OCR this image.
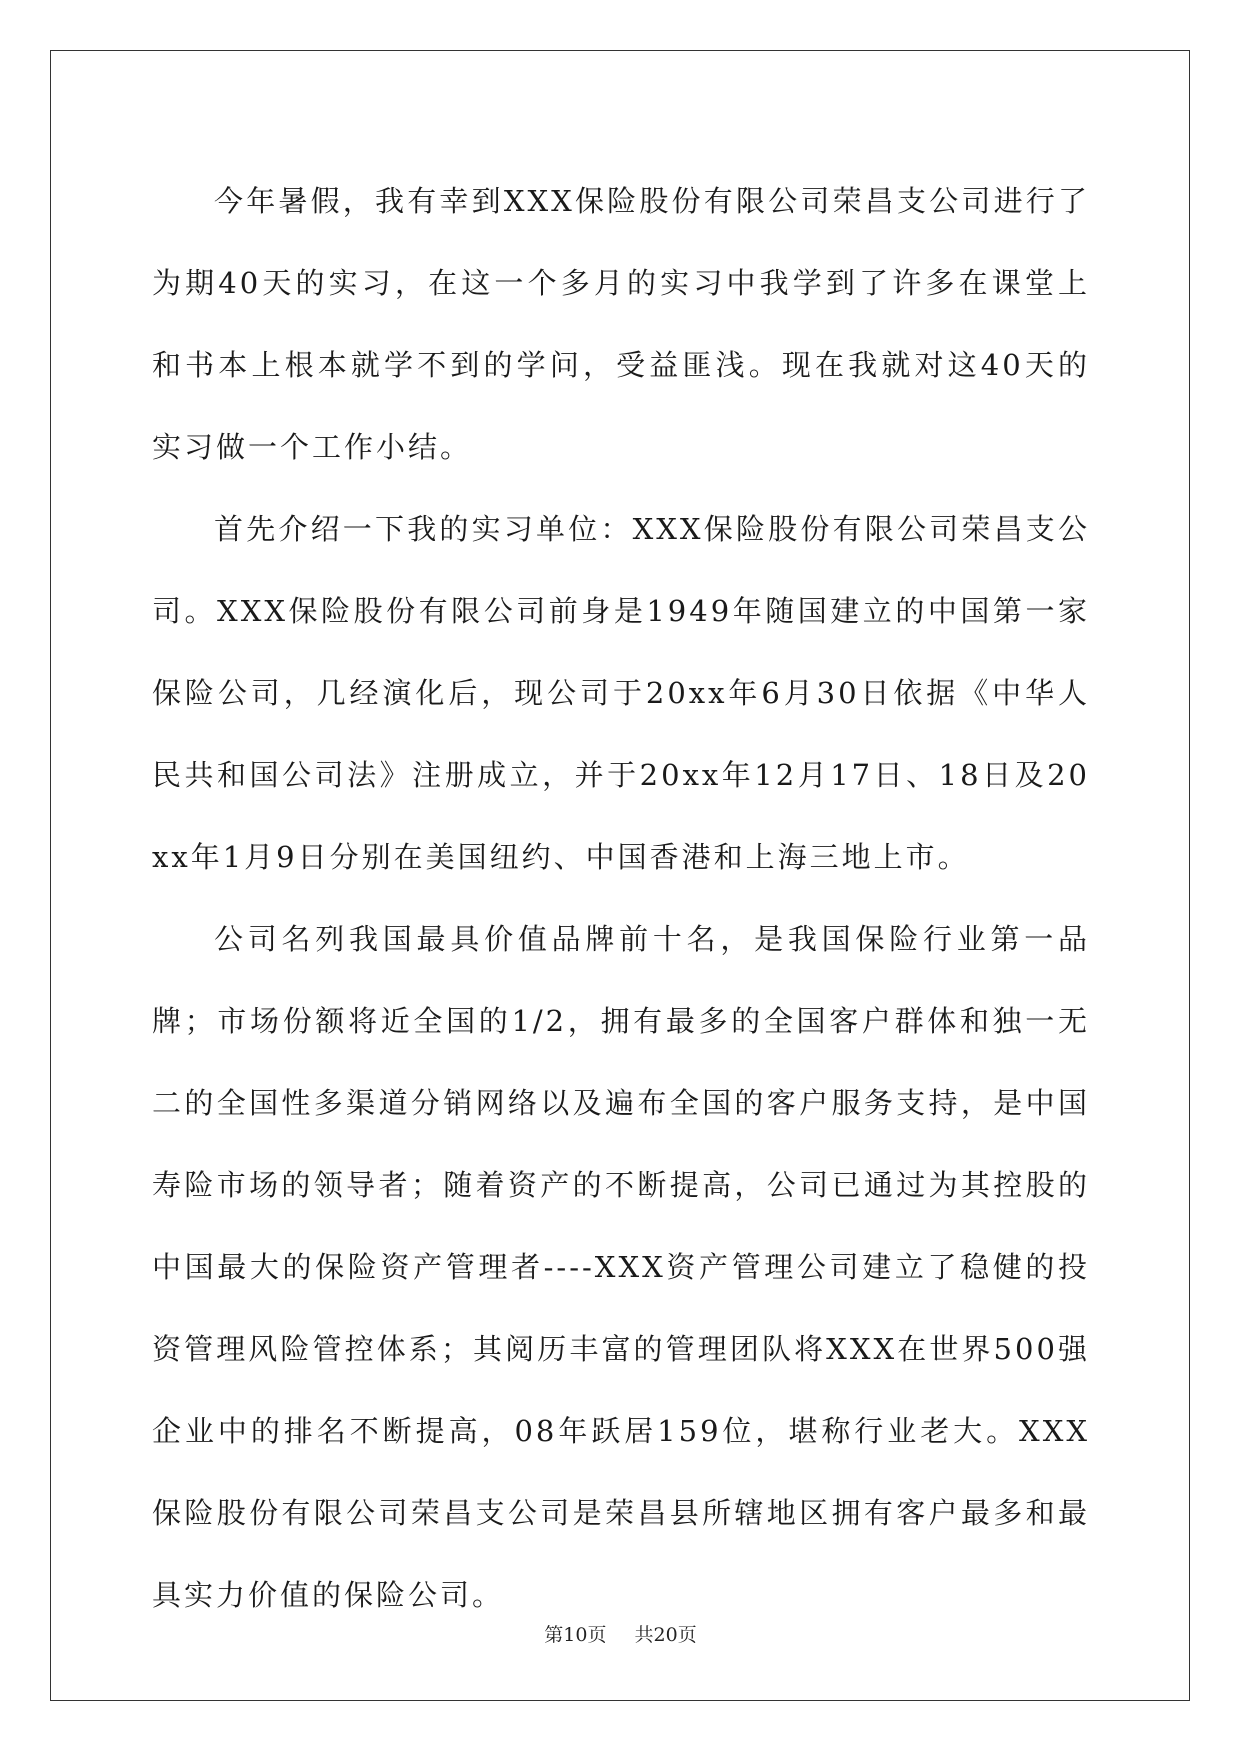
今年暑假，我有幸到XXX保险股份有限公司荣昌支公司进行了为期40天的实习，在这一个多月的实习中我学到了许多在课堂上和书本上根本就学不到的学问，受益匪浅。现在我就对这40天的实习做一个工作小结。

首先介绍一下我的实习单位：XXX保险股份有限公司荣昌支公司。XXX保险股份有限公司前身是1949年随国建立的中国第一家保险公司，几经演化后，现公司于20xx年6月30日依据《中华人民共和国公司法》注册成立，并于20xx年12月17日、18日及20xx年1月9日分别在美国纽约、中国香港和上海三地上市。

公司名列我国最具价值品牌前十名，是我国保险行业第一品牌；市场份额将近全国的1/2，拥有最多的全国客户群体和独一无二的全国性多渠道分销网络以及遍布全国的客户服务支持，是中国寿险市场的领导者；随着资产的不断提高，公司已通过为其控股的中国最大的保险资产管理者----XXX资产管理公司建立了稳健的投资管理风险管控体系；其阅历丰富的管理团队将XXX在世界500强企业中的排名不断提高，08年跃居159位，堪称行业老大。XXX保险股份有限公司荣昌支公司是荣昌县所辖地区拥有客户最多和最具实力价值的保险公司。

第10页 共20页
